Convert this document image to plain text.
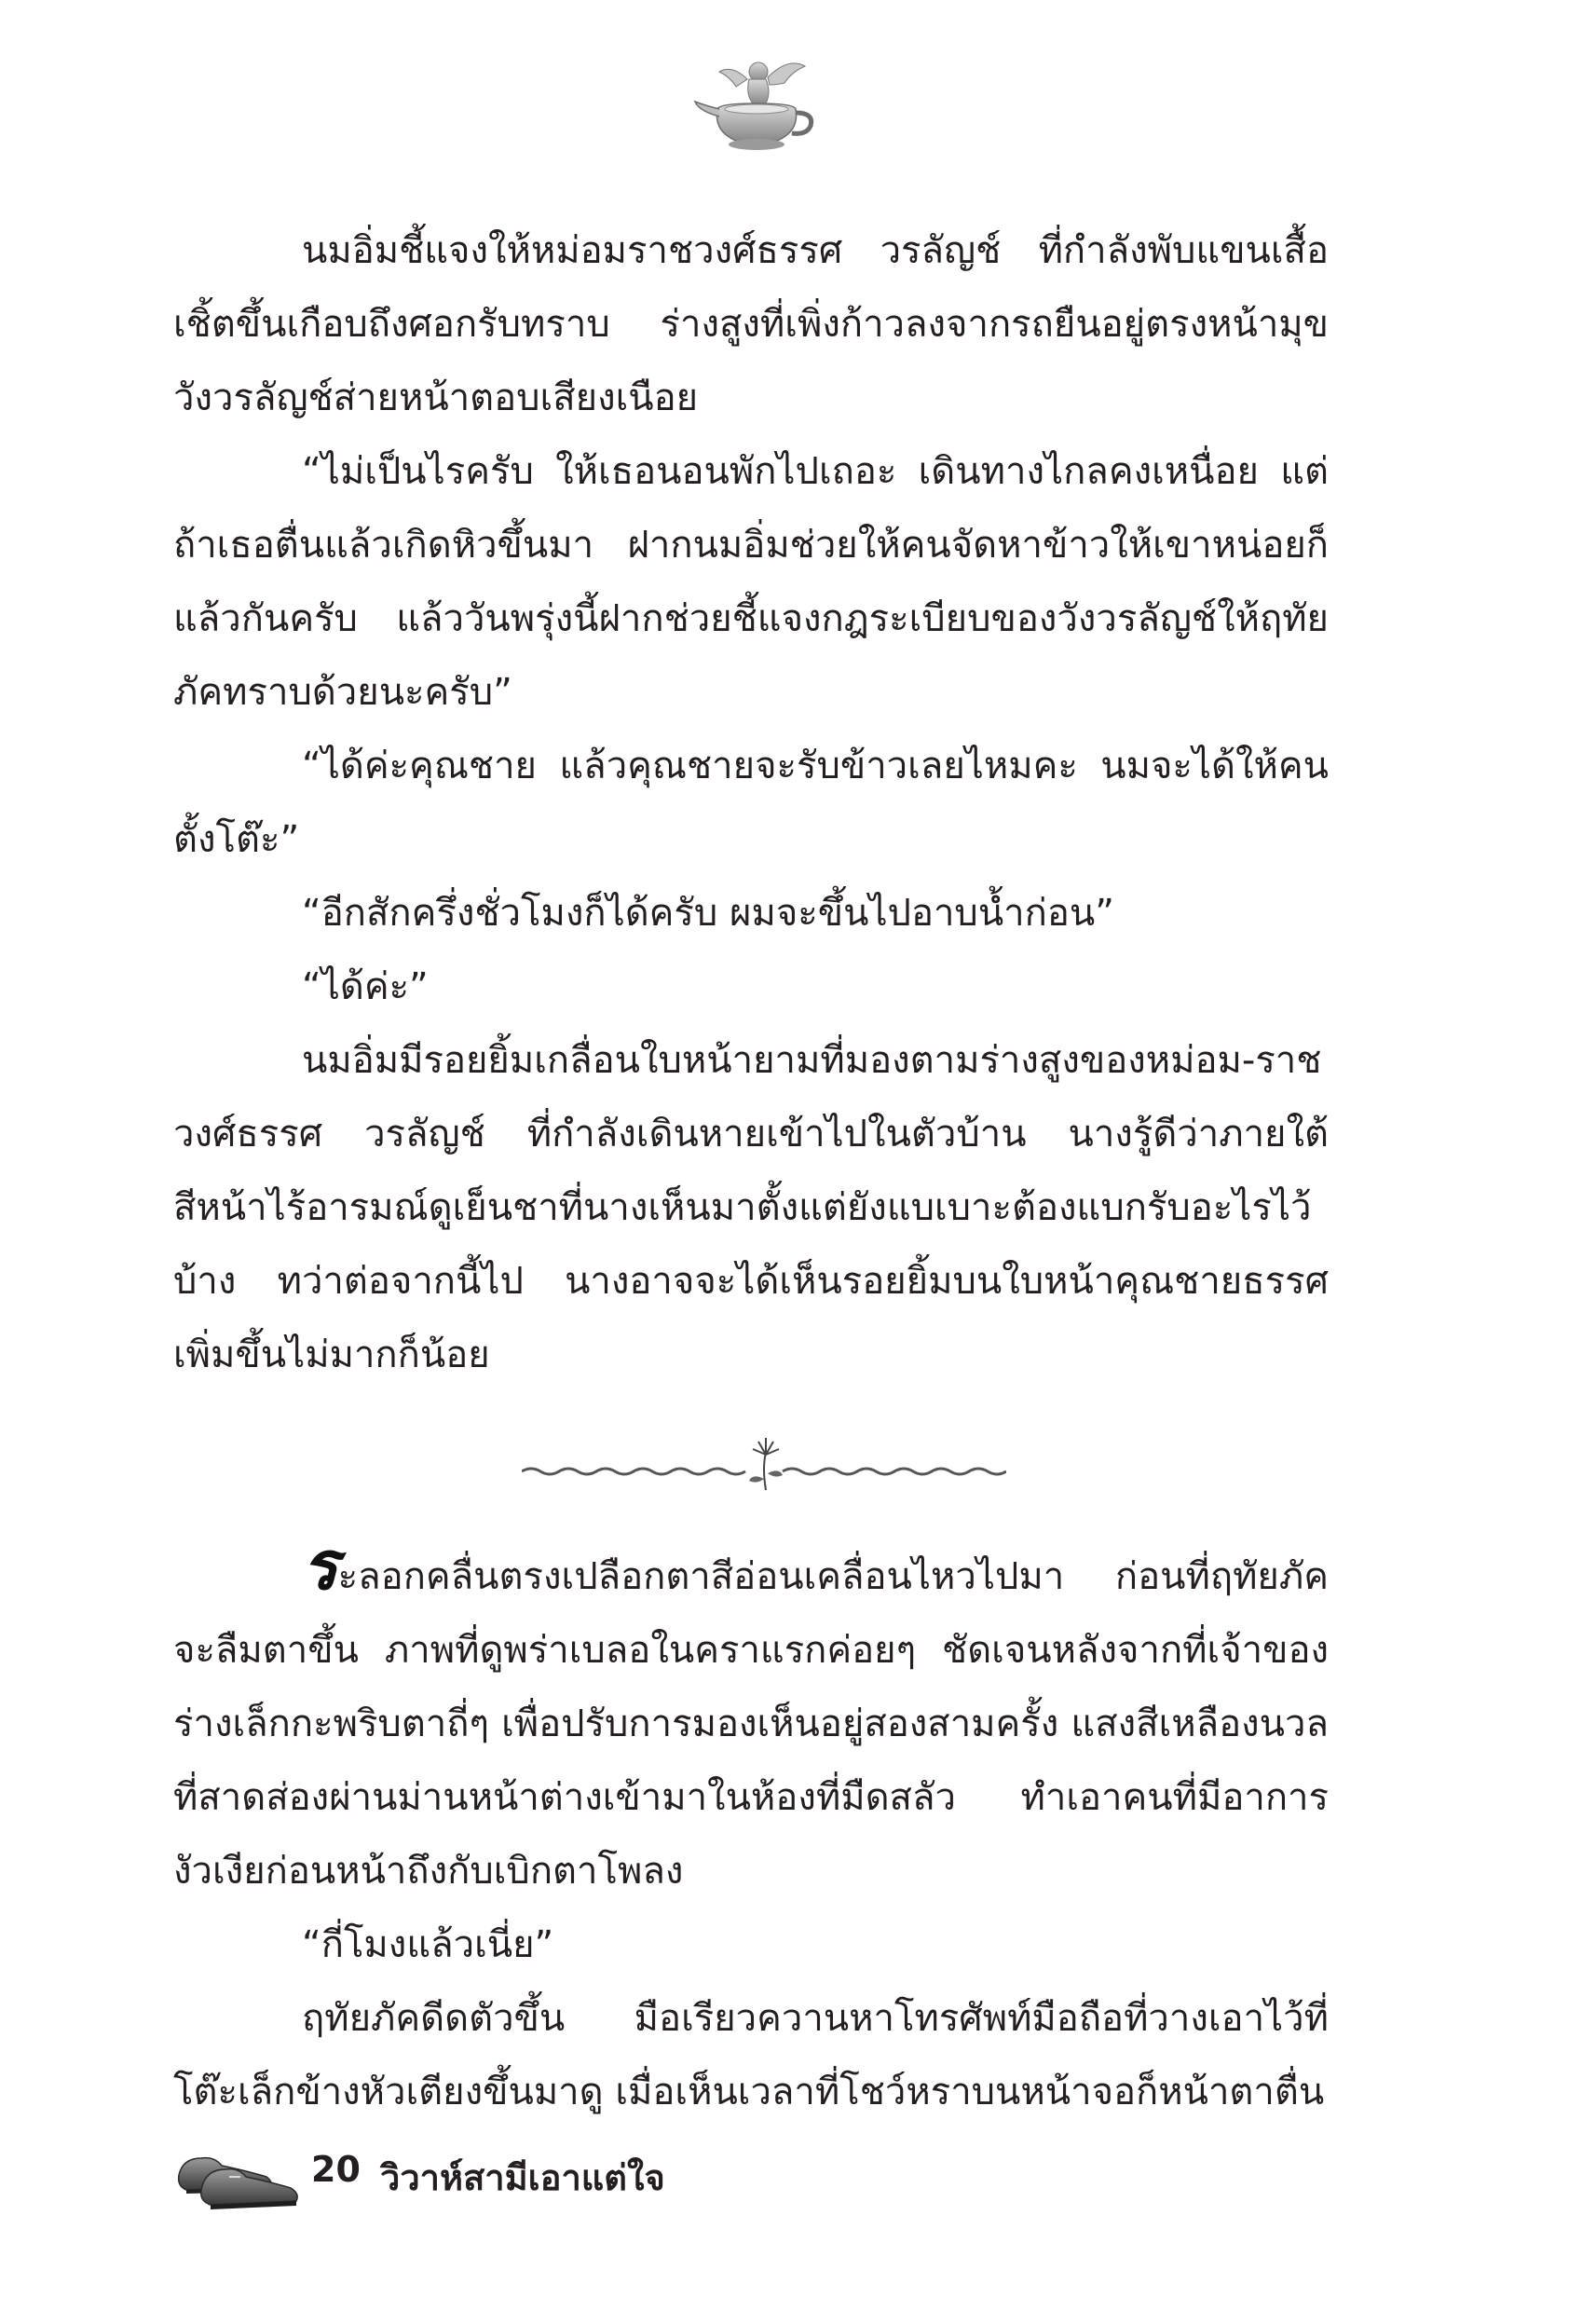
นมอิ่มชี้แจงให้หม่อมราชวงศ์ธรรศ วรลัญช์ ที่กำลังพับแขนเสื้อเชิ้ตขึ้นเกือบถึงศอกรับทราบ ร่างสูงที่เพิ่งก้าวลงจากรถยืนอยู่ตรงหน้ามุขวังวรลัญช์ส่ายหน้าตอบเสียงเนือย

“ไม่เป็นไรครับ ให้เธอนอนพักไปเถอะ เดินทางไกลคงเหนื่อย แต่ถ้าเธอตื่นแล้วเกิดหิวขึ้นมา ฝากนมอิ่มช่วยให้คนจัดหาข้าวให้เขาหน่อยก็แล้วกันครับ แล้ววันพรุ่งนี้ฝากช่วยชี้แจงกฎระเบียบของวังวรลัญช์ให้ฤทัยภัคทราบด้วยนะครับ”

“ได้ค่ะคุณชาย แล้วคุณชายจะรับข้าวเลยไหมคะ นมจะได้ให้คนตั้งโต๊ะ”

“อีกสักครึ่งชั่วโมงก็ได้ครับ ผมจะขึ้นไปอาบน้ำก่อน”

“ได้ค่ะ”

นมอิ่มมีรอยยิ้มเกลื่อนใบหน้ายามที่มองตามร่างสูงของหม่อม-ราชวงศ์ธรรศ วรลัญช์ ที่กำลังเดินหายเข้าไปในตัวบ้าน นางรู้ดีว่าภายใต้สีหน้าไร้อารมณ์ดูเย็นชาที่นางเห็นมาตั้งแต่ยังแบเบาะต้องแบกรับอะไรไว้บ้าง ทว่าต่อจากนี้ไป นางอาจจะได้เห็นรอยยิ้มบนใบหน้าคุณชายธรรศเพิ่มขึ้นไม่มากก็น้อย

ระลอกคลื่นตรงเปลือกตาสีอ่อนเคลื่อนไหวไปมา ก่อนที่ฤทัยภัคจะลืมตาขึ้น ภาพที่ดูพร่าเบลอในคราแรกค่อยๆ ชัดเจนหลังจากที่เจ้าของร่างเล็กกะพริบตาถี่ๆ เพื่อปรับการมองเห็นอยู่สองสามครั้ง แสงสีเหลืองนวลที่สาดส่องผ่านม่านหน้าต่างเข้ามาในห้องที่มืดสลัว ทำเอาคนที่มีอาการงัวเงียก่อนหน้าถึงกับเบิกตาโพลง

“กี่โมงแล้วเนี่ย”

ฤทัยภัคดีดตัวขึ้น มือเรียวควานหาโทรศัพท์มือถือที่วางเอาไว้ที่โต๊ะเล็กข้างหัวเตียงขึ้นมาดู เมื่อเห็นเวลาที่โชว์หราบนหน้าจอก็หน้าตาตื่น

20 วิวาห์สามีเอาแต่ใจ
